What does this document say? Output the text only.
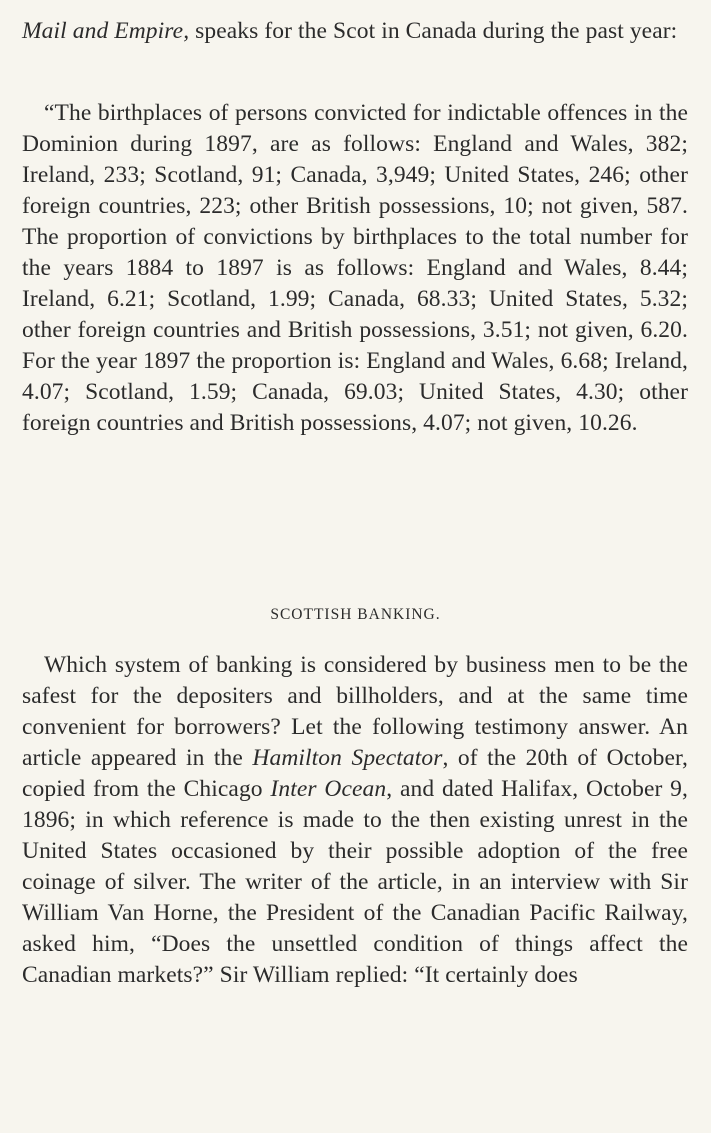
Mail and Empire, speaks for the Scot in Canada during the past year:

“The birthplaces of persons convicted for indictable offences in the Dominion during 1897, are as follows: England and Wales, 382; Ireland, 233; Scotland, 91; Canada, 3,949; United States, 246; other foreign countries, 223; other British possessions, 10; not given, 587. The proportion of convictions by birthplaces to the total number for the years 1884 to 1897 is as follows: England and Wales, 8.44; Ireland, 6.21; Scotland, 1.99; Canada, 68.33; United States, 5.32; other foreign countries and British possessions, 3.51; not given, 6.20. For the year 1897 the proportion is: England and Wales, 6.68; Ireland, 4.07; Scotland, 1.59; Canada, 69.03; United States, 4.30; other foreign countries and British possessions, 4.07; not given, 10.26.

SCOTTISH BANKING.

Which system of banking is considered by business men to be the safest for the depositers and billholders, and at the same time convenient for borrowers? Let the following testimony answer. An article appeared in the Hamilton Spectator, of the 20th of October, copied from the Chicago Inter Ocean, and dated Halifax, October 9, 1896; in which reference is made to the then existing unrest in the United States occasioned by their possible adoption of the free coinage of silver. The writer of the article, in an interview with Sir William Van Horne, the President of the Canadian Pacific Railway, asked him, “Does the unsettled condition of things affect the Canadian markets?” Sir William replied: “It certainly does
